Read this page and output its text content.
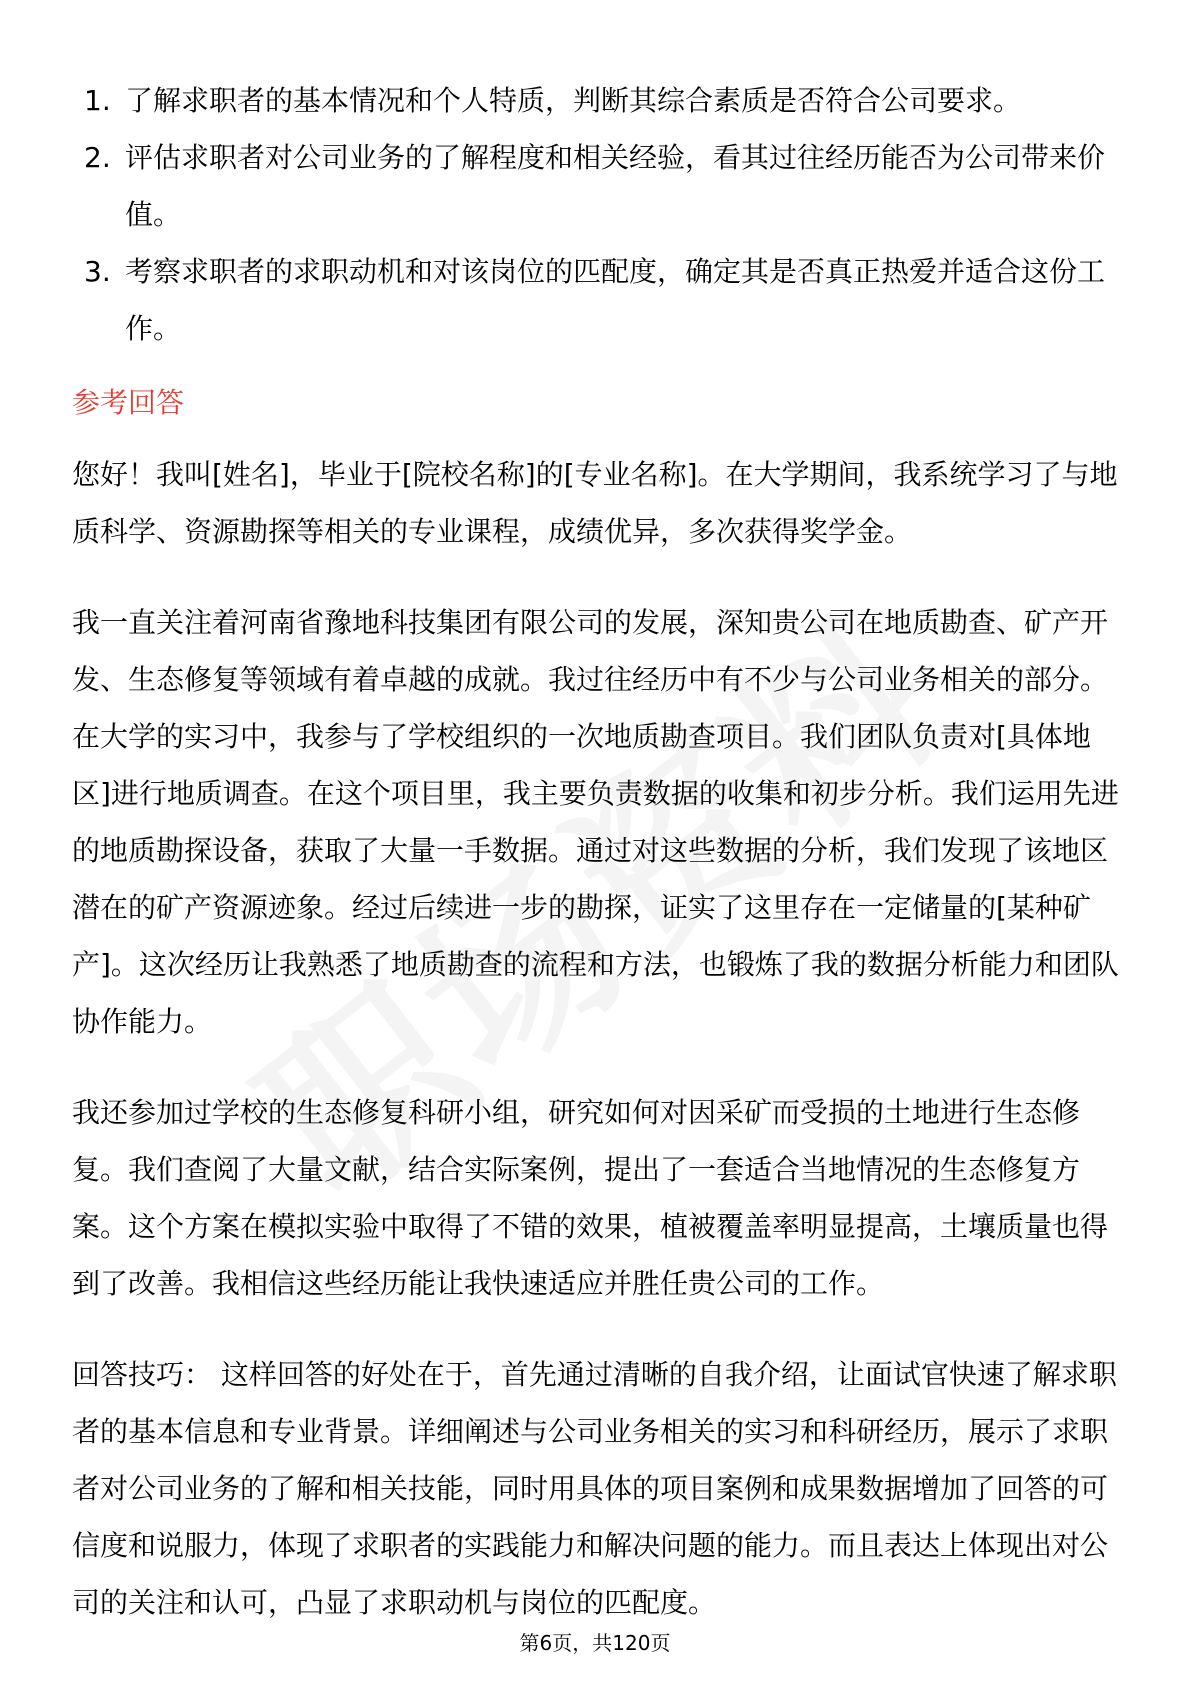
1. 了解求职者的基本情况和个人特质，判断其综合素质是否符合公司要求。
2. 评估求职者对公司业务的了解程度和相关经验，看其过往经历能否为公司带来价值。
3. 考察求职者的求职动机和对该岗位的匹配度，确定其是否真正热爱并适合这份工作。
参考回答

您好！我叫[姓名]，毕业于[院校名称]的[专业名称]。在大学期间，我系统学习了与地质科学、资源勘探等相关的专业课程，成绩优异，多次获得奖学金。

我一直关注着河南省豫地科技集团有限公司的发展，深知贵公司在地质勘查、矿产开发、生态修复等领域有着卓越的成就。我过往经历中有不少与公司业务相关的部分。在大学的实习中，我参与了学校组织的一次地质勘查项目。我们团队负责对[具体地区]进行地质调查。在这个项目里，我主要负责数据的收集和初步分析。我们运用先进的地质勘探设备，获取了大量一手数据。通过对这些数据的分析，我们发现了该地区潜在的矿产资源迹象。经过后续进一步的勘探，证实了这里存在一定储量的[某种矿产]。这次经历让我熟悉了地质勘查的流程和方法，也锻炼了我的数据分析能力和团队协作能力。

我还参加过学校的生态修复科研小组，研究如何对因采矿而受损的土地进行生态修复。我们查阅了大量文献，结合实际案例，提出了一套适合当地情况的生态修复方案。这个方案在模拟实验中取得了不错的效果，植被覆盖率明显提高，土壤质量也得到了改善。我相信这些经历能让我快速适应并胜任贵公司的工作。

回答技巧： 这样回答的好处在于，首先通过清晰的自我介绍，让面试官快速了解求职者的基本信息和专业背景。详细阐述与公司业务相关的实习和科研经历，展示了求职者对公司业务的了解和相关技能，同时用具体的项目案例和成果数据增加了回答的可信度和说服力，体现了求职者的实践能力和解决问题的能力。而且表达上体现出对公司的关注和认可，凸显了求职动机与岗位的匹配度。

第6页，共120页
